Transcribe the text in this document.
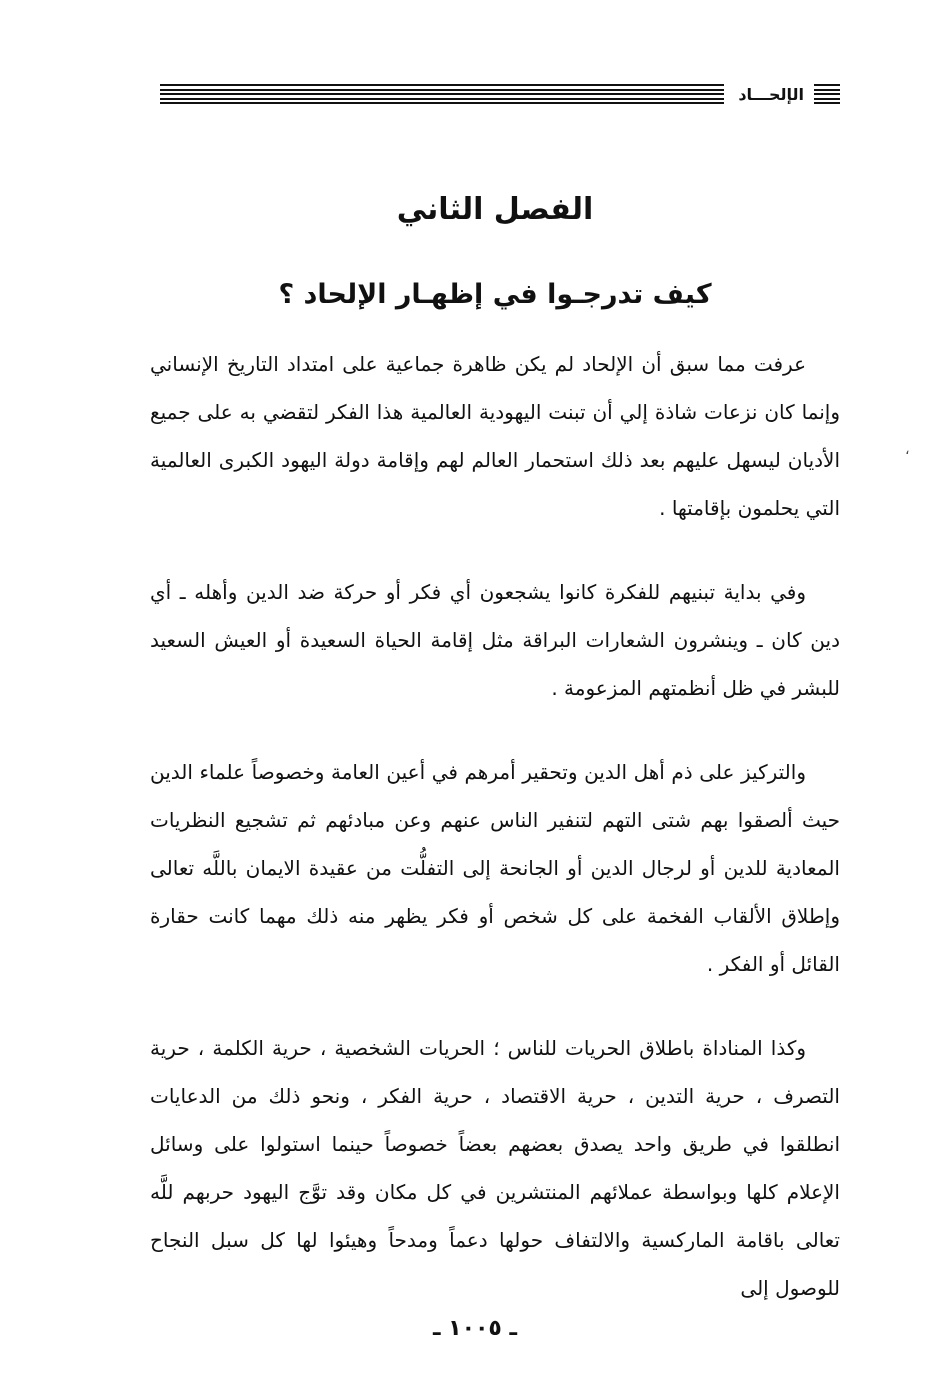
الإلحـــاد
الفصل الثاني
كيف تدرجـوا في إظهـار الإلحاد ؟

عرفت مما سبق أن الإلحاد لم يكن ظاهرة جماعية على امتداد التاريخ الإنساني وإنما كان نزعات شاذة إلي أن تبنت اليهودية العالمية هذا الفكر لتقضي به على جميع الأديان ليسهل عليهم بعد ذلك استحمار العالم لهم وإقامة دولة اليهود الكبرى العالمية التي يحلمون بإقامتها .

وفي بداية تبنيهم للفكرة كانوا يشجعون أي فكر أو حركة ضد الدين وأهله ـ أي دين كان ـ وينشرون الشعارات البراقة مثل إقامة الحياة السعيدة أو العيش السعيد للبشر في ظل أنظمتهم المزعومة .

والتركيز على ذم أهل الدين وتحقير أمرهم في أعين العامة وخصوصاً علماء الدين حيث ألصقوا بهم شتى التهم لتنفير الناس عنهم وعن مبادئهم ثم تشجيع النظريات المعادية للدين أو لرجال الدين أو الجانحة إلى التفلُّت من عقيدة الايمان باللَّه تعالى وإطلاق الألقاب الفخمة على كل شخص أو فكر يظهر منه ذلك مهما كانت حقارة القائل أو الفكر .

وكذا المناداة باطلاق الحريات للناس ؛ الحريات الشخصية ، حرية الكلمة ، حرية التصرف ، حرية التدين ، حرية الاقتصاد ، حرية الفكر ، ونحو ذلك من الدعايات انطلقوا في طريق واحد يصدق بعضهم بعضاً خصوصاً حينما استولوا على وسائل الإعلام كلها وبواسطة عملائهم المنتشرين في كل مكان وقد توَّج اليهود حربهم للَّه تعالى باقامة الماركسية والالتفاف حولها دعماً ومدحاً وهيئوا لها كل سبل النجاح للوصول إلى

،
ـ ١٠٠٥ ـ
